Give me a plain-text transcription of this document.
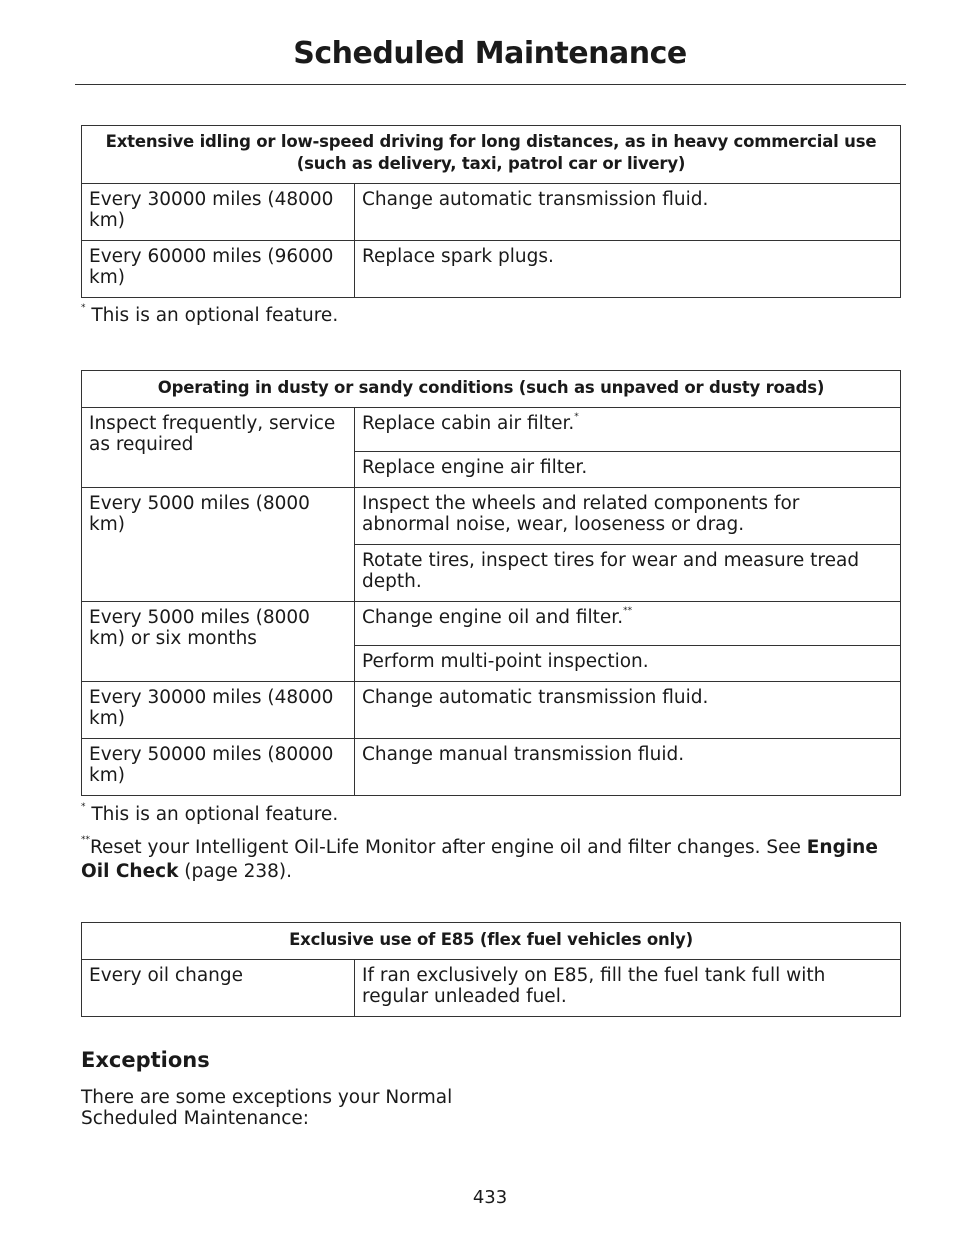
Scheduled Maintenance
Extensive idling or low-speed driving for long distances, as in heavy commercial use (such as delivery, taxi, patrol car or livery)	
Every 30000 miles (48000 km)	Change automatic transmission fluid.
Every 60000 miles (96000 km)	Replace spark plugs.
* This is an optional feature.
Operating in dusty or sandy conditions (such as unpaved or dusty roads)	
Inspect frequently, service as required	Replace cabin air filter.*
	Replace engine air filter.
Every 5000 miles (8000 km)	Inspect the wheels and related components for abnormal noise, wear, looseness or drag.
	Rotate tires, inspect tires for wear and measure tread depth.
Every 5000 miles (8000 km) or six months	Change engine oil and filter.**
	Perform multi-point inspection.
Every 30000 miles (48000 km)	Change automatic transmission fluid.
Every 50000 miles (80000 km)	Change manual transmission fluid.
* This is an optional feature.
**Reset your Intelligent Oil-Life Monitor after engine oil and filter changes. See Engine Oil Check (page 238).
Exclusive use of E85 (flex fuel vehicles only)
Every oil change	If ran exclusively on E85, fill the fuel tank full with regular unleaded fuel.
Exceptions
There are some exceptions your Normal Scheduled Maintenance:
433
